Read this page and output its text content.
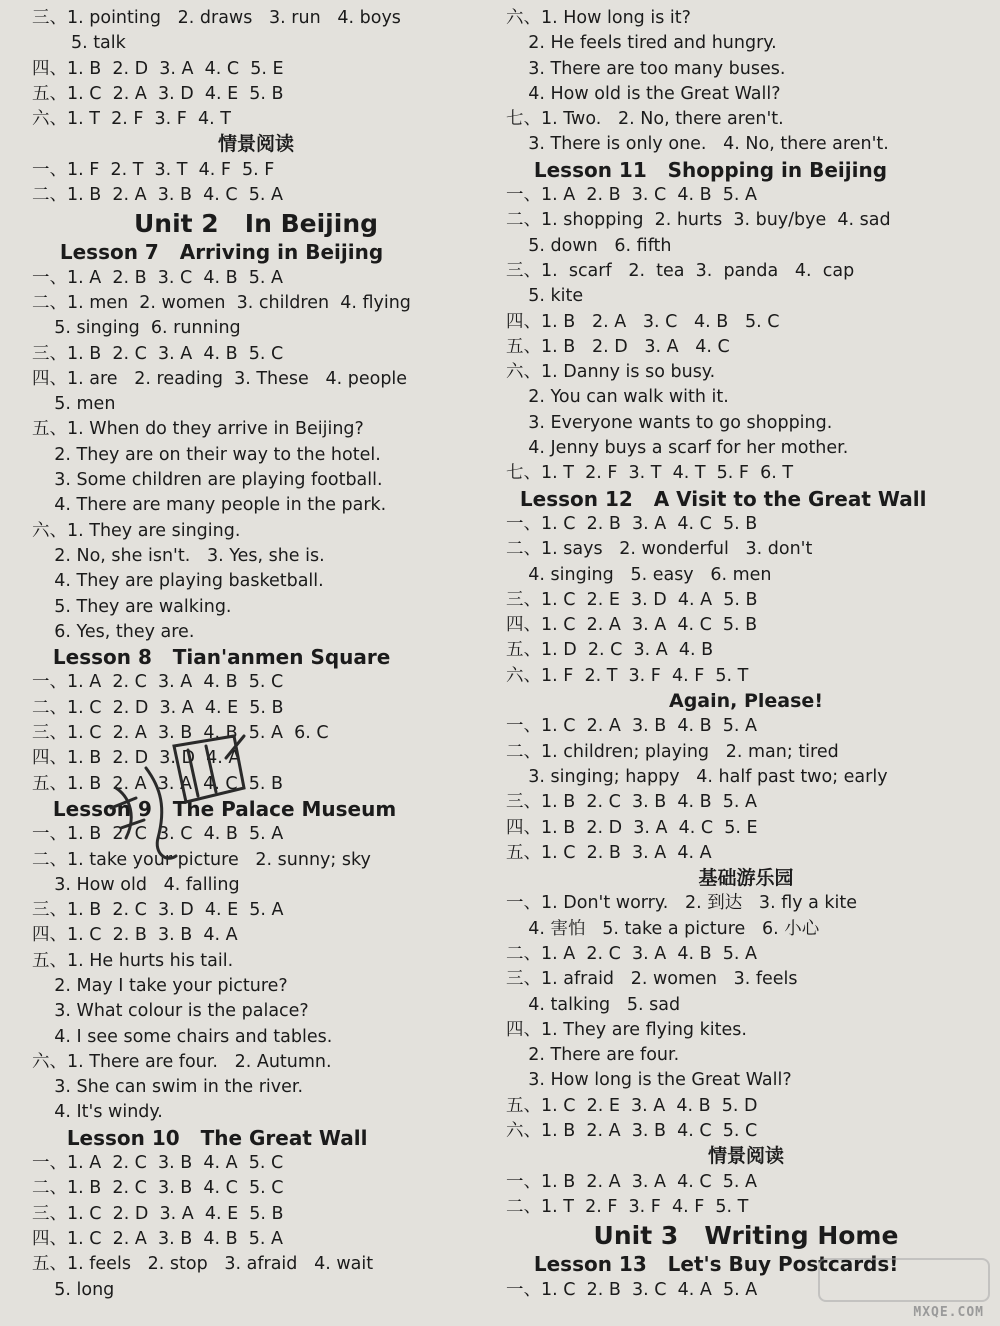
三、1. pointing   2. draws   3. run   4. boys
5. talk
四、1. B  2. D  3. A  4. C  5. E
五、1. C  2. A  3. D  4. E  5. B
六、1. T  2. F  3. F  4. T
情景阅读
一、1. F  2. T  3. T  4. F  5. F
二、1. B  2. A  3. B  4. C  5. A
Unit 2   In Beijing
Lesson 7   Arriving in Beijing
一、1. A  2. B  3. C  4. B  5. A
二、1. men  2. women  3. children  4. flying
5. singing  6. running
三、1. B  2. C  3. A  4. B  5. C
四、1. are   2. reading  3. These   4. people
5. men
五、1. When do they arrive in Beijing?
2. They are on their way to the hotel.
3. Some children are playing football.
4. There are many people in the park.
六、1. They are singing.
2. No, she isn't.   3. Yes, she is.
4. They are playing basketball.
5. They are walking.
6. Yes, they are.
Lesson 8   Tian'anmen Square
一、1. A  2. C  3. A  4. B  5. C
二、1. C  2. D  3. A  4. E  5. B
三、1. C  2. A  3. B  4. B  5. A  6. C
四、1. B  2. D  3. D  4. A
五、1. B  2. A  3. A  4. C  5. B
Lesson 9   The Palace Museum
一、1. B  2. C  3. C  4. B  5. A
二、1. take your picture   2. sunny; sky
3. How old   4. falling
三、1. B  2. C  3. D  4. E  5. A
四、1. C  2. B  3. B  4. A
五、1. He hurts his tail.
2. May I take your picture?
3. What colour is the palace?
4. I see some chairs and tables.
六、1. There are four.   2. Autumn.
3. She can swim in the river.
4. It's windy.
Lesson 10   The Great Wall
一、1. A  2. C  3. B  4. A  5. C
二、1. B  2. C  3. B  4. C  5. C
三、1. C  2. D  3. A  4. E  5. B
四、1. C  2. A  3. B  4. B  5. A
五、1. feels   2. stop   3. afraid   4. wait
5. long
六、1. How long is it?
2. He feels tired and hungry.
3. There are too many buses.
4. How old is the Great Wall?
七、1. Two.   2. No, there aren't.
3. There is only one.   4. No, there aren't.
Lesson 11   Shopping in Beijing
一、1. A  2. B  3. C  4. B  5. A
二、1. shopping  2. hurts  3. buy/bye  4. sad
5. down   6. fifth
三、1.  scarf   2.  tea  3.  panda   4.  cap
5. kite
四、1. B   2. A   3. C   4. B   5. C
五、1. B   2. D   3. A   4. C
六、1. Danny is so busy.
2. You can walk with it.
3. Everyone wants to go shopping.
4. Jenny buys a scarf for her mother.
七、1. T  2. F  3. T  4. T  5. F  6. T
Lesson 12   A Visit to the Great Wall
一、1. C  2. B  3. A  4. C  5. B
二、1. says   2. wonderful   3. don't
4. singing   5. easy   6. men
三、1. C  2. E  3. D  4. A  5. B
四、1. C  2. A  3. A  4. C  5. B
五、1. D  2. C  3. A  4. B
六、1. F  2. T  3. F  4. F  5. T
Again, Please!
一、1. C  2. A  3. B  4. B  5. A
二、1. children; playing   2. man; tired
3. singing; happy   4. half past two; early
三、1. B  2. C  3. B  4. B  5. A
四、1. B  2. D  3. A  4. C  5. E
五、1. C  2. B  3. A  4. A
基础游乐园
一、1. Don't worry.   2. 到达   3. fly a kite
4. 害怕   5. take a picture   6. 小心
二、1. A  2. C  3. A  4. B  5. A
三、1. afraid   2. women   3. feels
4. talking   5. sad
四、1. They are flying kites.
2. There are four.
3. How long is the Great Wall?
五、1. C  2. E  3. A  4. B  5. D
六、1. B  2. A  3. B  4. C  5. C
情景阅读
一、1. B  2. A  3. A  4. C  5. A
二、1. T  2. F  3. F  4. F  5. T
Unit 3   Writing Home
Lesson 13   Let's Buy Postcards!
一、1. C  2. B  3. C  4. A  5. A
MXQE.COM
